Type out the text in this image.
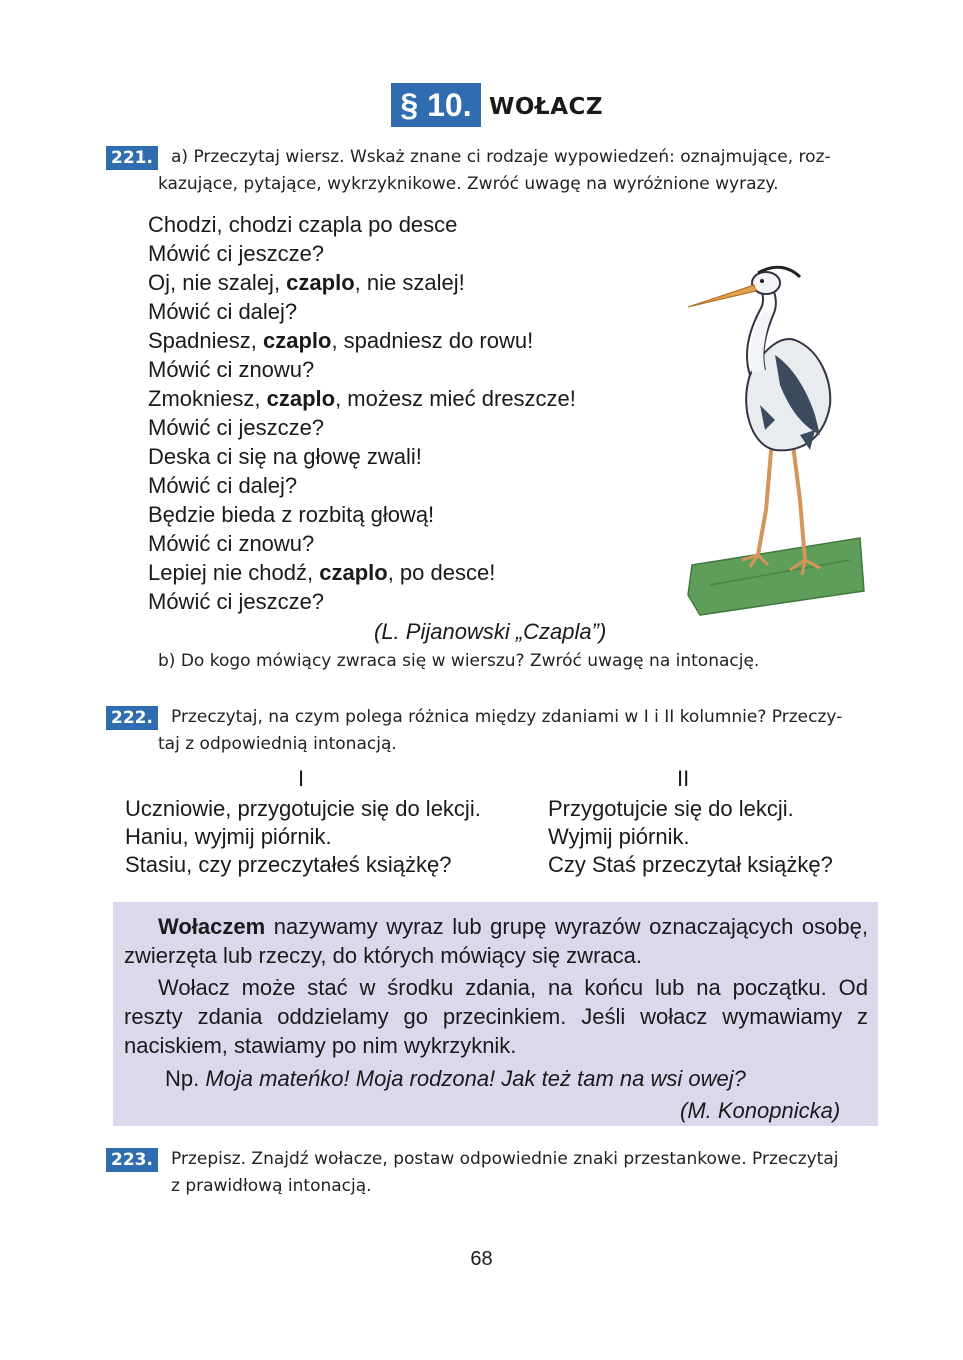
§ 10. WOŁACZ
221. a) Przeczytaj wiersz. Wskaż znane ci rodzaje wypowiedzeń: oznajmujące, roz-
kazujące, pytające, wykrzyknikowe. Zwróć uwagę na wyróżnione wyrazy.
Chodzi, chodzi czapla po desce
Mówić ci jeszcze?
Oj, nie szalej, czaplo, nie szalej!
Mówić ci dalej?
Spadniesz, czaplo, spadniesz do rowu!
Mówić ci znowu?
Zmokniesz, czaplo, możesz mieć dreszcze!
Mówić ci jeszcze?
Deska ci się na głowę zwali!
Mówić ci dalej?
Będzie bieda z rozbitą głową!
Mówić ci znowu?
Lepiej nie chodź, czaplo, po desce!
Mówić ci jeszcze?
(L. Pijanowski „Czapla”)
b) Do kogo mówiący zwraca się w wierszu? Zwróć uwagę na intonację.
222. Przeczytaj, na czym polega różnica między zdaniami w I i II kolumnie? Przeczy-
taj z odpowiednią intonacją.
I	II
Uczniowie, przygotujcie się do lekcji.
Haniu, wyjmij piórnik.
Stasiu, czy przeczytałeś książkę?
Przygotujcie się do lekcji.
Wyjmij piórnik.
Czy Staś przeczytał książkę?
Wołaczem nazywamy wyraz lub grupę wyrazów oznaczających osobę, zwierzęta lub rzeczy, do których mówiący się zwraca.
Wołacz może stać w środku zdania, na końcu lub na początku. Od reszty zdania oddzielamy go przecinkiem. Jeśli wołacz wymawiamy z naciskiem, stawiamy po nim wykrzyknik.
Np. Moja mateńko! Moja rodzona! Jak też tam na wsi owej?
(M. Konopnicka)
223. Przepisz. Znajdź wołacze, postaw odpowiednie znaki przestankowe. Przeczytaj
z prawidłową intonacją.
68
